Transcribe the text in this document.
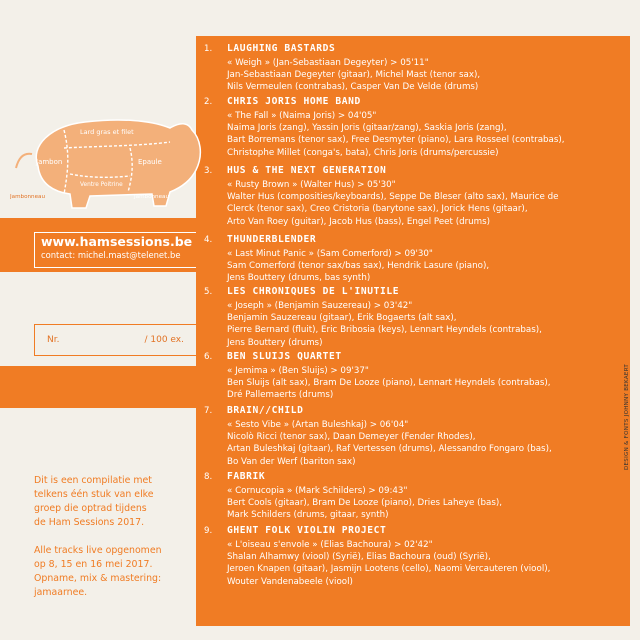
Lard gras et filet
Jambon	Epaule
Ventre Poitrine
Jambonneau	Jambonneau
www.hamsessions.be
contact: michel.mast@telenet.be
Nr.	/ 100 ex.
Dit is een compilatie met
telkens één stuk van elke
groep die optrad tijdens
de Ham Sessions 2017.
Alle tracks live opgenomen
op 8, 15 en 16 mei 2017.
Opname, mix & mastering:
jamaarnee.
DESIGN & FONTS JOHNNY BEKAERT
1. LAUGHING BASTARDS
« Weigh » (Jan-Sebastiaan Degeyter) > 05'11"
Jan-Sebastiaan Degeyter (gitaar), Michel Mast (tenor sax),
Nils Vermeulen (contrabas), Casper Van De Velde (drums)
2. CHRIS JORIS HOME BAND
« The Fall » (Naima Joris) > 04'05"
Naima Joris (zang), Yassin Joris (gitaar/zang), Saskia Joris (zang),
Bart Borremans (tenor sax), Free Desmyter (piano), Lara Rosseel (contrabas),
Christophe Millet (conga's, bata), Chris Joris (drums/percussie)
3. HUS & THE NEXT GENERATION
« Rusty Brown » (Walter Hus) > 05'30"
Walter Hus (composities/keyboards), Seppe De Bleser (alto sax), Maurice de
Clerck (tenor sax), Creo Cristoria (barytone sax), Jorick Hens (gitaar),
Arto Van Roey (guitar), Jacob Hus (bass), Engel Peet (drums)
4. THUNDERBLENDER
« Last Minut Panic » (Sam Comerford) > 09'30"
Sam Comerford (tenor sax/bas sax), Hendrik Lasure (piano),
Jens Bouttery (drums, bas synth)
5. LES CHRONIQUES DE L'INUTILE
« Joseph » (Benjamin Sauzereau) > 03'42"
Benjamin Sauzereau (gitaar), Erik Bogaerts (alt sax),
Pierre Bernard (fluit), Eric Bribosia (keys), Lennart Heyndels (contrabas),
Jens Bouttery (drums)
6. BEN SLUIJS QUARTET
« Jemima » (Ben Sluijs) > 09'37"
Ben Sluijs (alt sax), Bram De Looze (piano), Lennart Heyndels (contrabas),
Dré Pallemaerts (drums)
7. BRAIN//CHILD
« Sesto Vibe » (Artan Buleshkaj) > 06'04"
Nicolò Ricci (tenor sax), Daan Demeyer (Fender Rhodes),
Artan Buleshkaj (gitaar), Raf Vertessen (drums), Alessandro Fongaro (bas),
Bo Van der Werf (bariton sax)
8. FABRIK
« Cornucopia » (Mark Schilders) > 09:43"
Bert Cools (gitaar), Bram De Looze (piano), Dries Laheye (bas),
Mark Schilders (drums, gitaar, synth)
9. GHENT FOLK VIOLIN PROJECT
« L'oiseau s'envole » (Elias Bachoura) > 02'42"
Shalan Alhamwy (viool) (Syrië), Elias Bachoura (oud) (Syrië),
Jeroen Knapen (gitaar), Jasmijn Lootens (cello), Naomi Vercauteren (viool),
Wouter Vandenabeele (viool)
